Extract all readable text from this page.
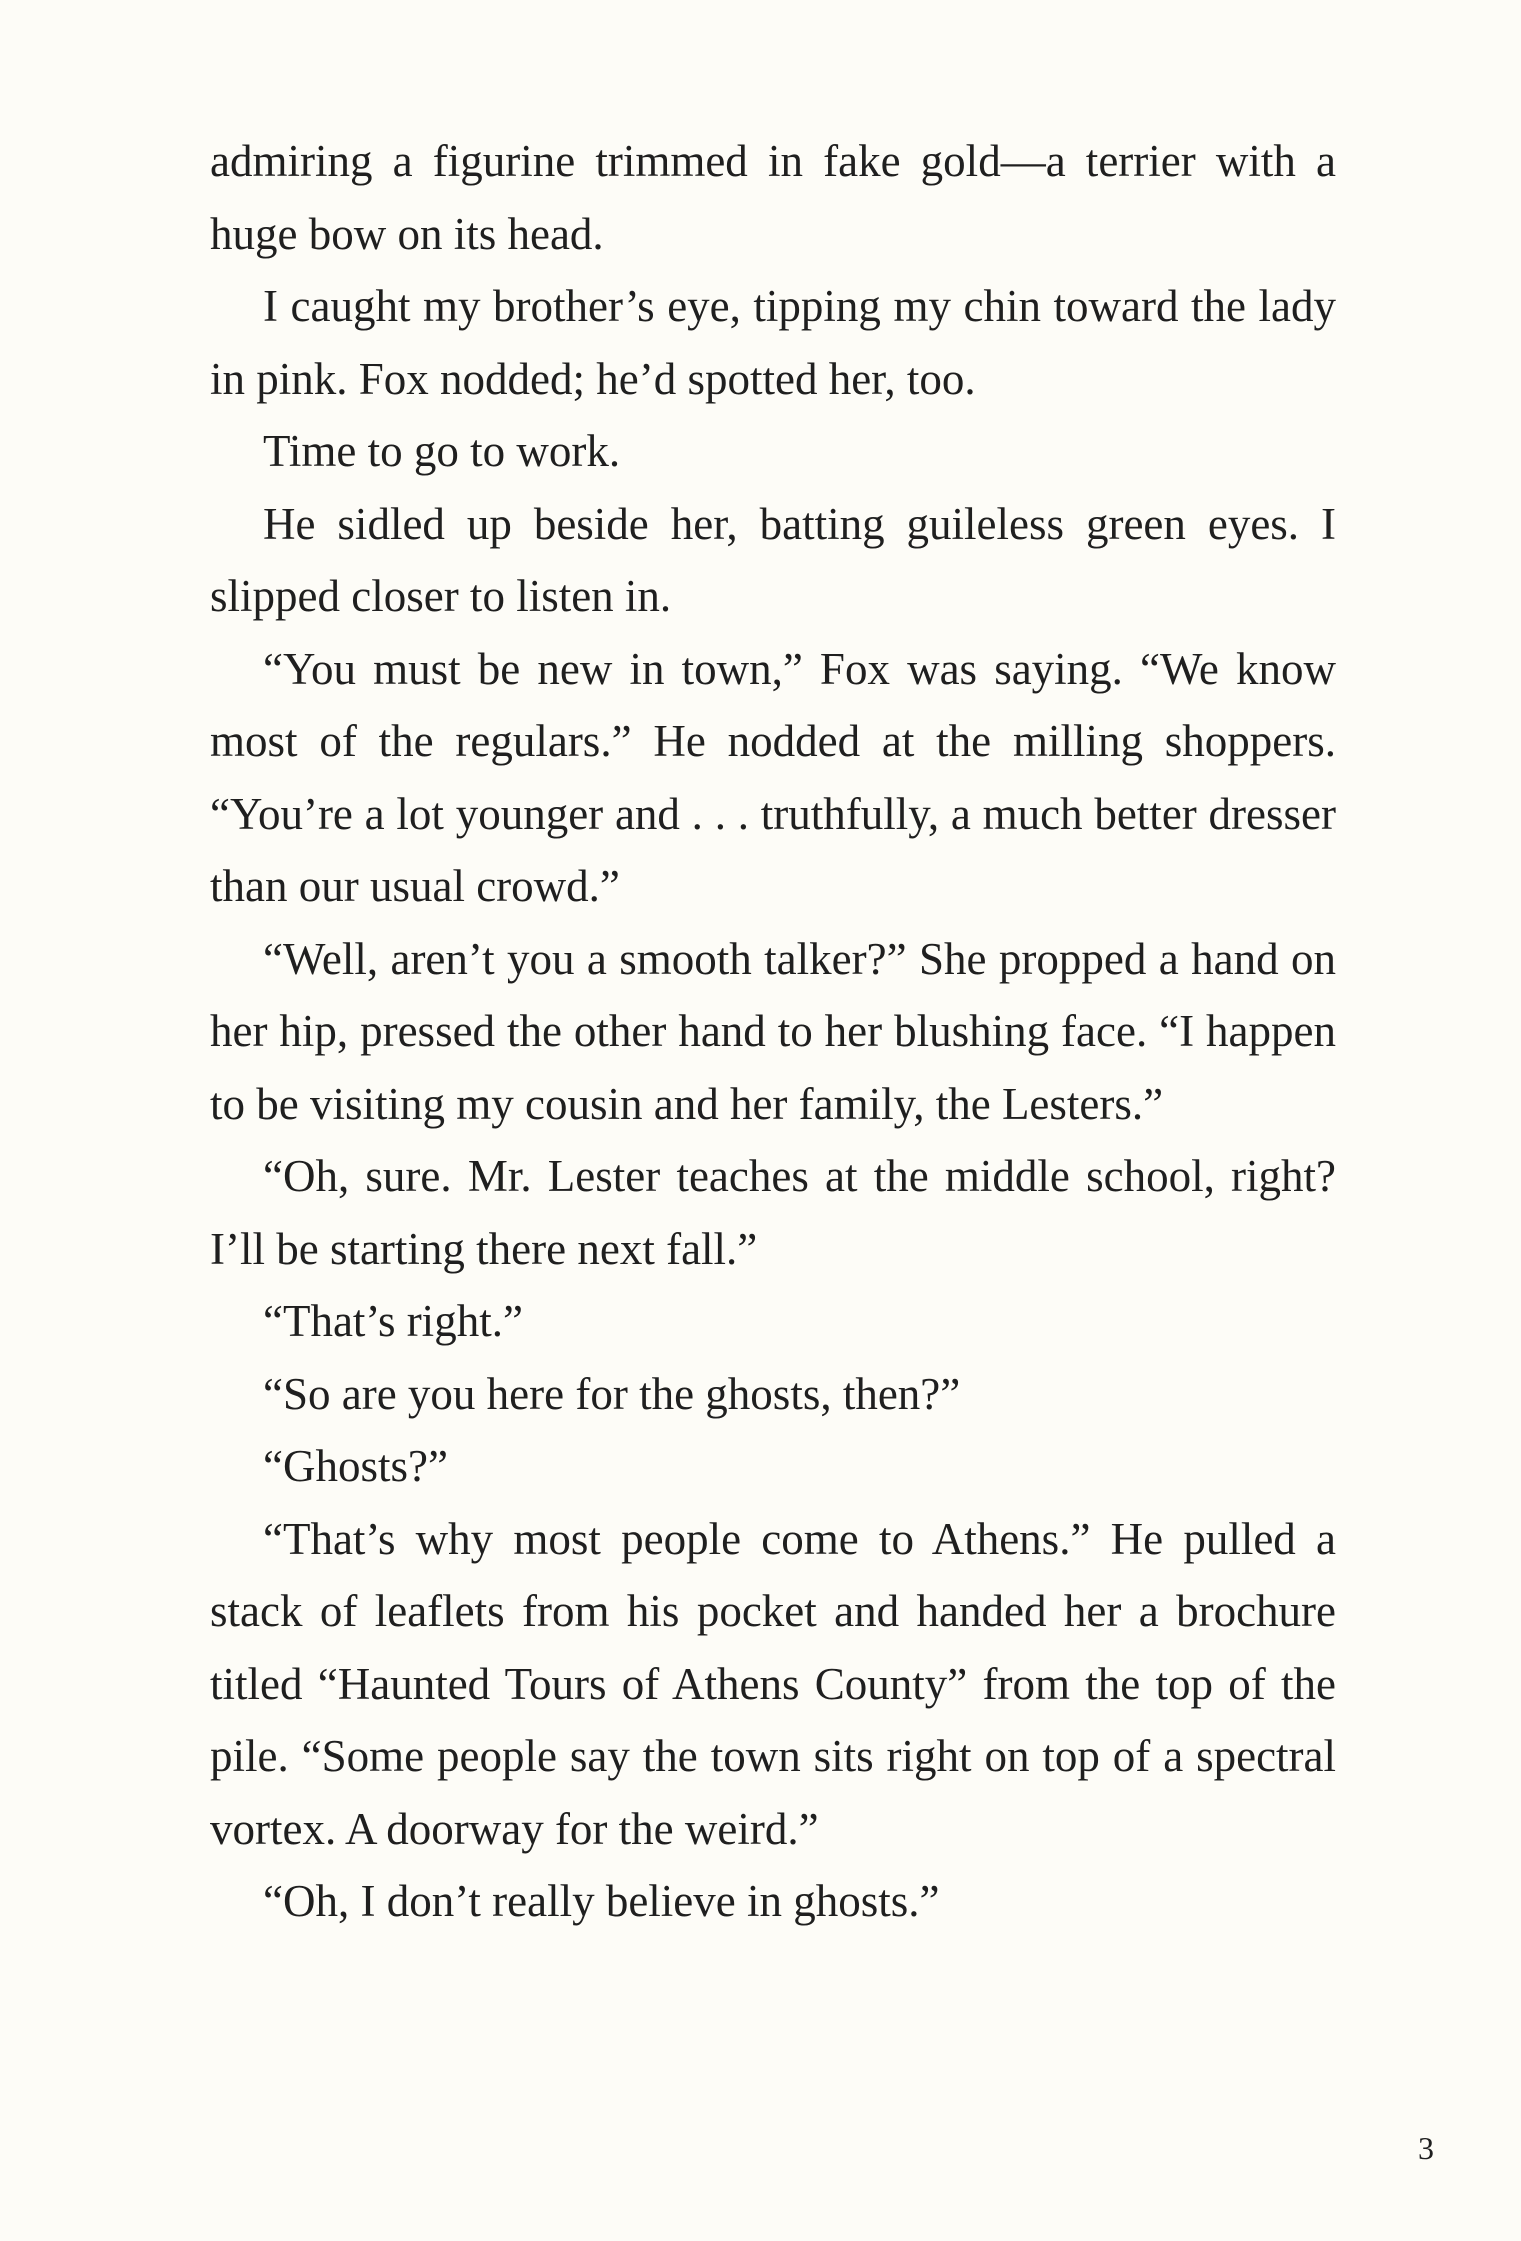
admiring a figurine trimmed in fake gold—a terrier with a huge bow on its head.

I caught my brother’s eye, tipping my chin toward the lady in pink. Fox nodded; he’d spotted her, too.

Time to go to work.

He sidled up beside her, batting guileless green eyes. I slipped closer to listen in.

“You must be new in town,” Fox was saying. “We know most of the regulars.” He nodded at the milling shoppers. “You’re a lot younger and . . . truthfully, a much better dresser than our usual crowd.”

“Well, aren’t you a smooth talker?” She propped a hand on her hip, pressed the other hand to her blushing face. “I happen to be visiting my cousin and her family, the Lesters.”

“Oh, sure. Mr. Lester teaches at the middle school, right? I’ll be starting there next fall.”

“That’s right.”

“So are you here for the ghosts, then?”

“Ghosts?”

“That’s why most people come to Athens.” He pulled a stack of leaflets from his pocket and handed her a brochure titled “Haunted Tours of Athens County” from the top of the pile. “Some people say the town sits right on top of a spectral vortex. A doorway for the weird.”

“Oh, I don’t really believe in ghosts.”

3
